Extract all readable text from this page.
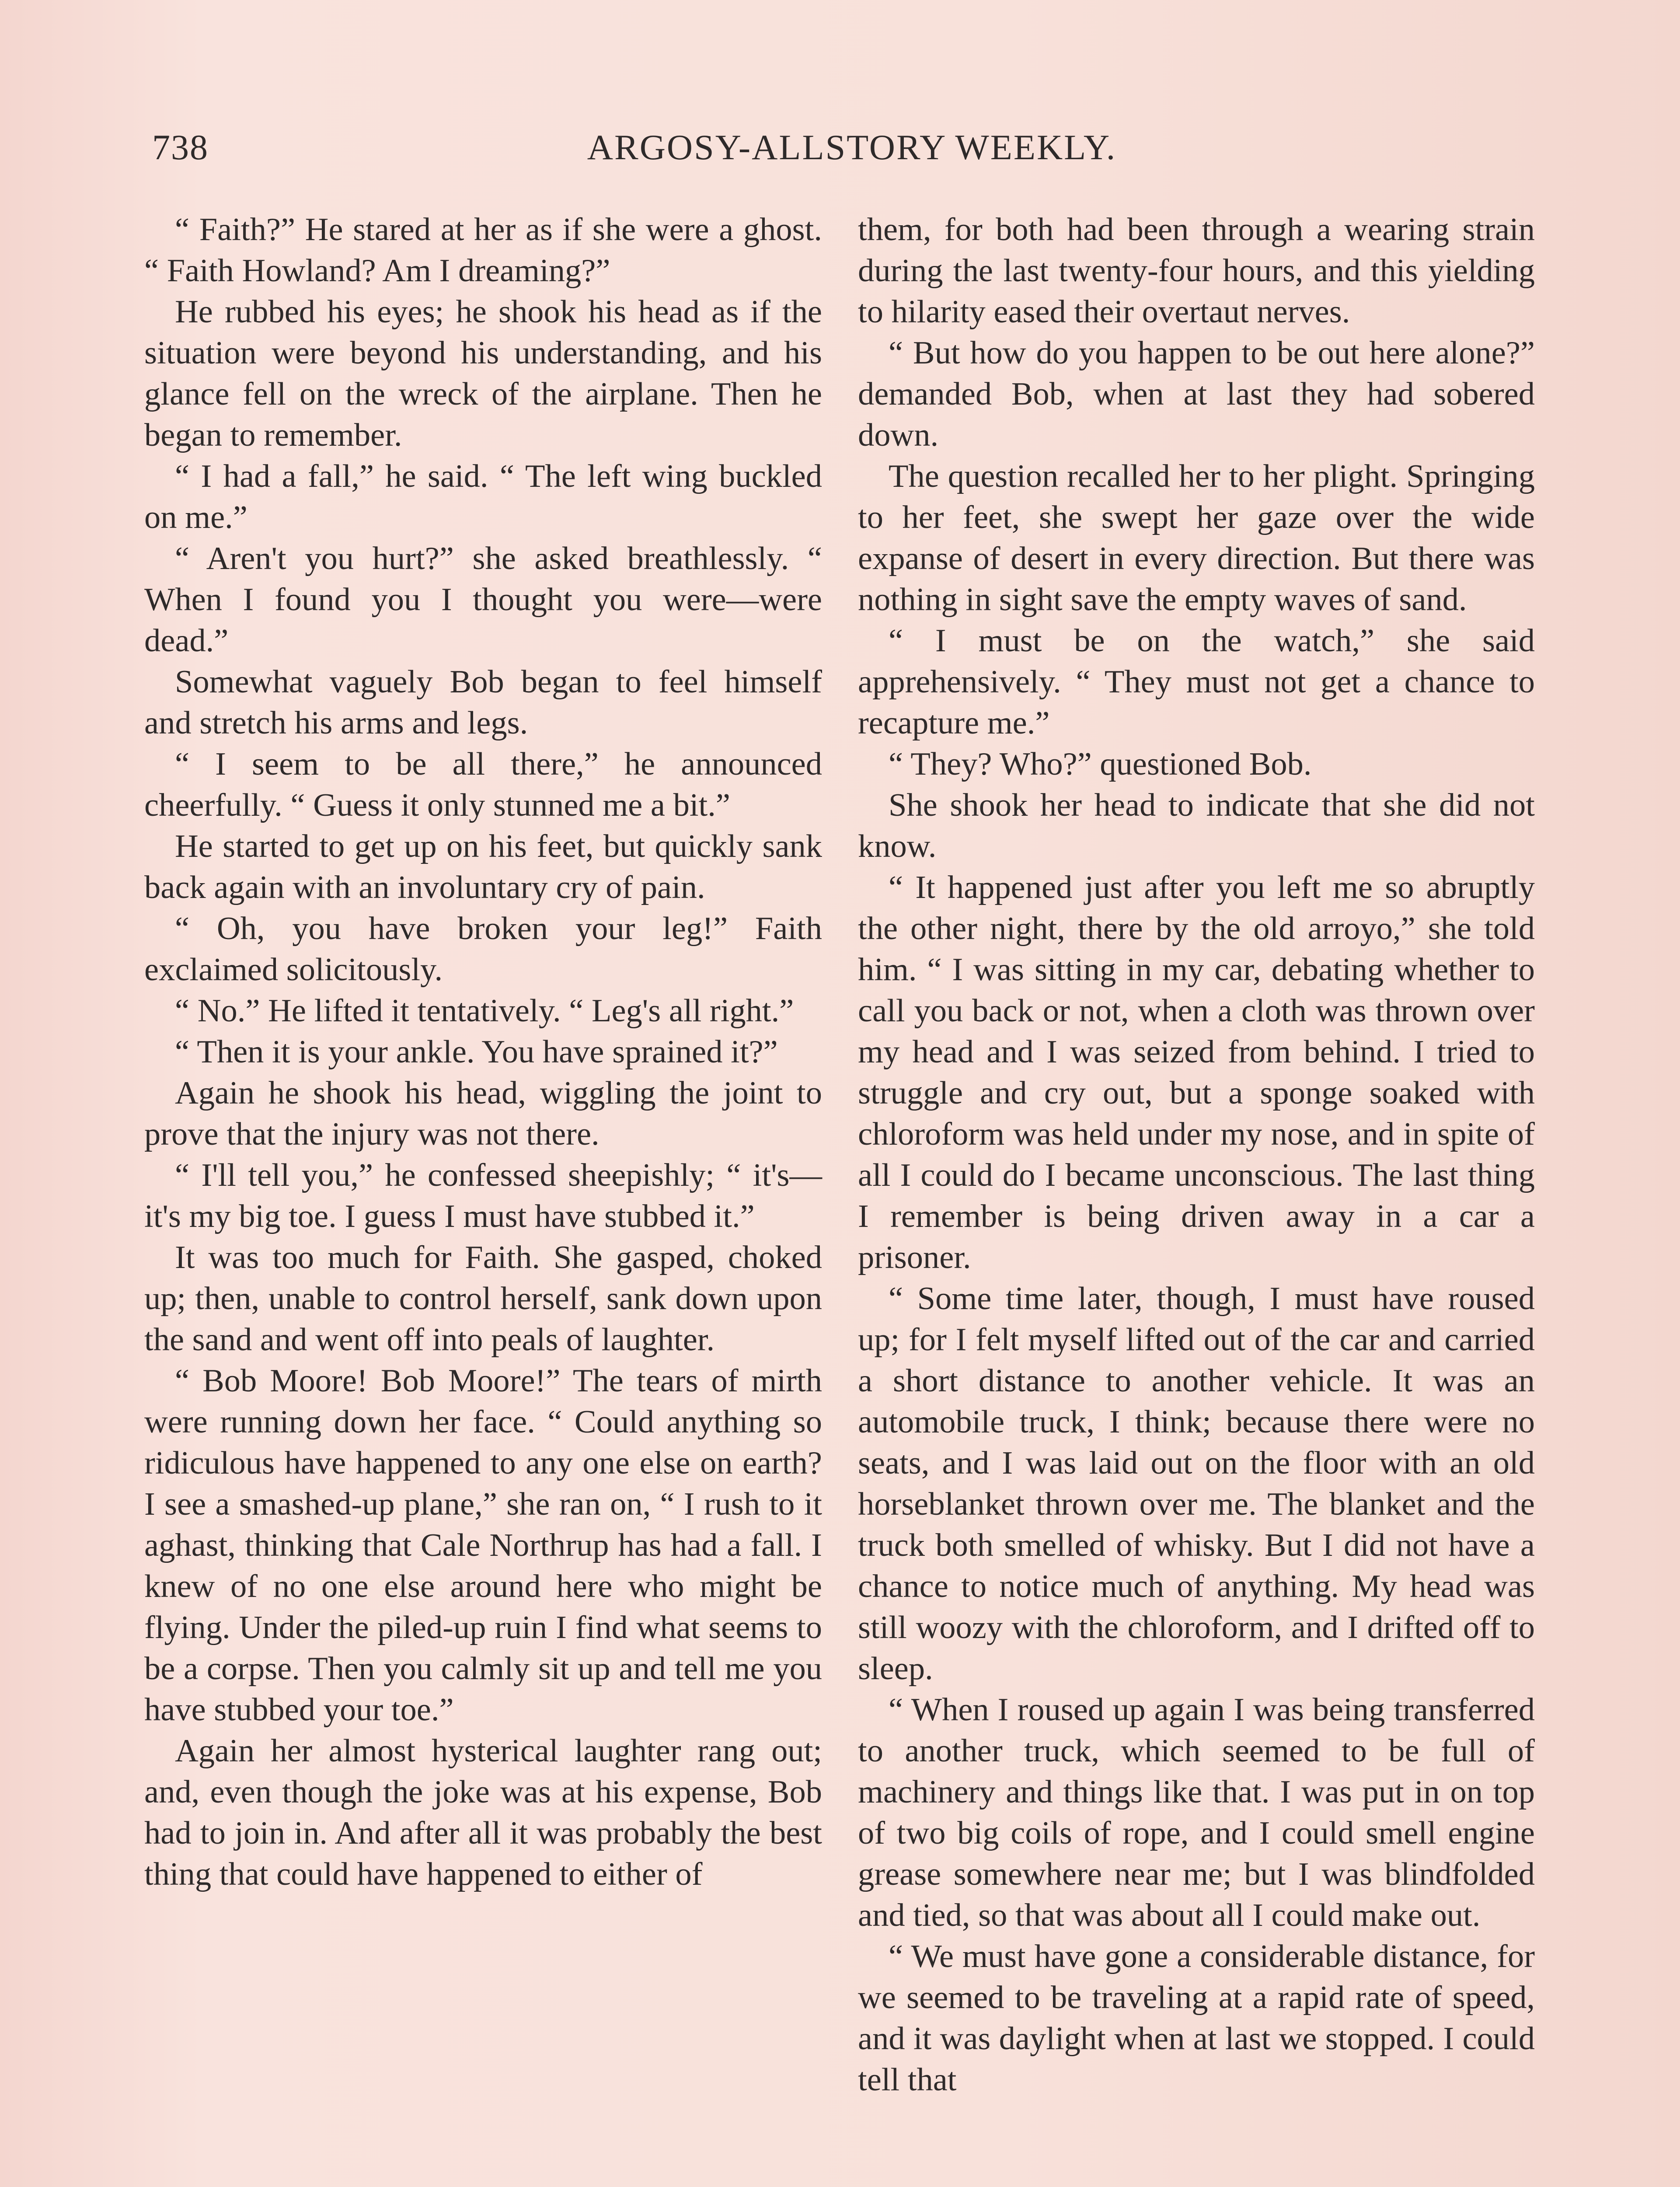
738	ARGOSY-ALLSTORY WEEKLY.

“ Faith?” He stared at her as if she were a ghost. “ Faith Howland? Am I dreaming?”

He rubbed his eyes; he shook his head as if the situation were beyond his understanding, and his glance fell on the wreck of the airplane. Then he began to remember.

“ I had a fall,” he said. “ The left wing buckled on me.”

“ Aren't you hurt?” she asked breathlessly. “ When I found you I thought you were—were dead.”

Somewhat vaguely Bob began to feel himself and stretch his arms and legs.

“ I seem to be all there,” he announced cheerfully. “ Guess it only stunned me a bit.”

He started to get up on his feet, but quickly sank back again with an involuntary cry of pain.

“ Oh, you have broken your leg!” Faith exclaimed solicitously.

“ No.” He lifted it tentatively. “ Leg's all right.”

“ Then it is your ankle. You have sprained it?”

Again he shook his head, wiggling the joint to prove that the injury was not there.

“ I'll tell you,” he confessed sheepishly; “ it's—it's my big toe. I guess I must have stubbed it.”

It was too much for Faith. She gasped, choked up; then, unable to control herself, sank down upon the sand and went off into peals of laughter.

“ Bob Moore! Bob Moore!” The tears of mirth were running down her face. “ Could anything so ridiculous have happened to any one else on earth? I see a smashed-up plane,” she ran on, “ I rush to it aghast, thinking that Cale Northrup has had a fall. I knew of no one else around here who might be flying. Under the piled-up ruin I find what seems to be a corpse. Then you calmly sit up and tell me you have stubbed your toe.”

Again her almost hysterical laughter rang out; and, even though the joke was at his expense, Bob had to join in. And after all it was probably the best thing that could have happened to either of

them, for both had been through a wearing strain during the last twenty-four hours, and this yielding to hilarity eased their overtaut nerves.

“ But how do you happen to be out here alone?” demanded Bob, when at last they had sobered down.

The question recalled her to her plight. Springing to her feet, she swept her gaze over the wide expanse of desert in every direction. But there was nothing in sight save the empty waves of sand.

“ I must be on the watch,” she said apprehensively. “ They must not get a chance to recapture me.”

“ They? Who?” questioned Bob.

She shook her head to indicate that she did not know.

“ It happened just after you left me so abruptly the other night, there by the old arroyo,” she told him. “ I was sitting in my car, debating whether to call you back or not, when a cloth was thrown over my head and I was seized from behind. I tried to struggle and cry out, but a sponge soaked with chloroform was held under my nose, and in spite of all I could do I became unconscious. The last thing I remember is being driven away in a car a prisoner.

“ Some time later, though, I must have roused up; for I felt myself lifted out of the car and carried a short distance to another vehicle. It was an automobile truck, I think; because there were no seats, and I was laid out on the floor with an old horseblanket thrown over me. The blanket and the truck both smelled of whisky. But I did not have a chance to notice much of anything. My head was still woozy with the chloroform, and I drifted off to sleep.

“ When I roused up again I was being transferred to another truck, which seemed to be full of machinery and things like that. I was put in on top of two big coils of rope, and I could smell engine grease somewhere near me; but I was blindfolded and tied, so that was about all I could make out.

“ We must have gone a considerable distance, for we seemed to be traveling at a rapid rate of speed, and it was daylight when at last we stopped. I could tell that
